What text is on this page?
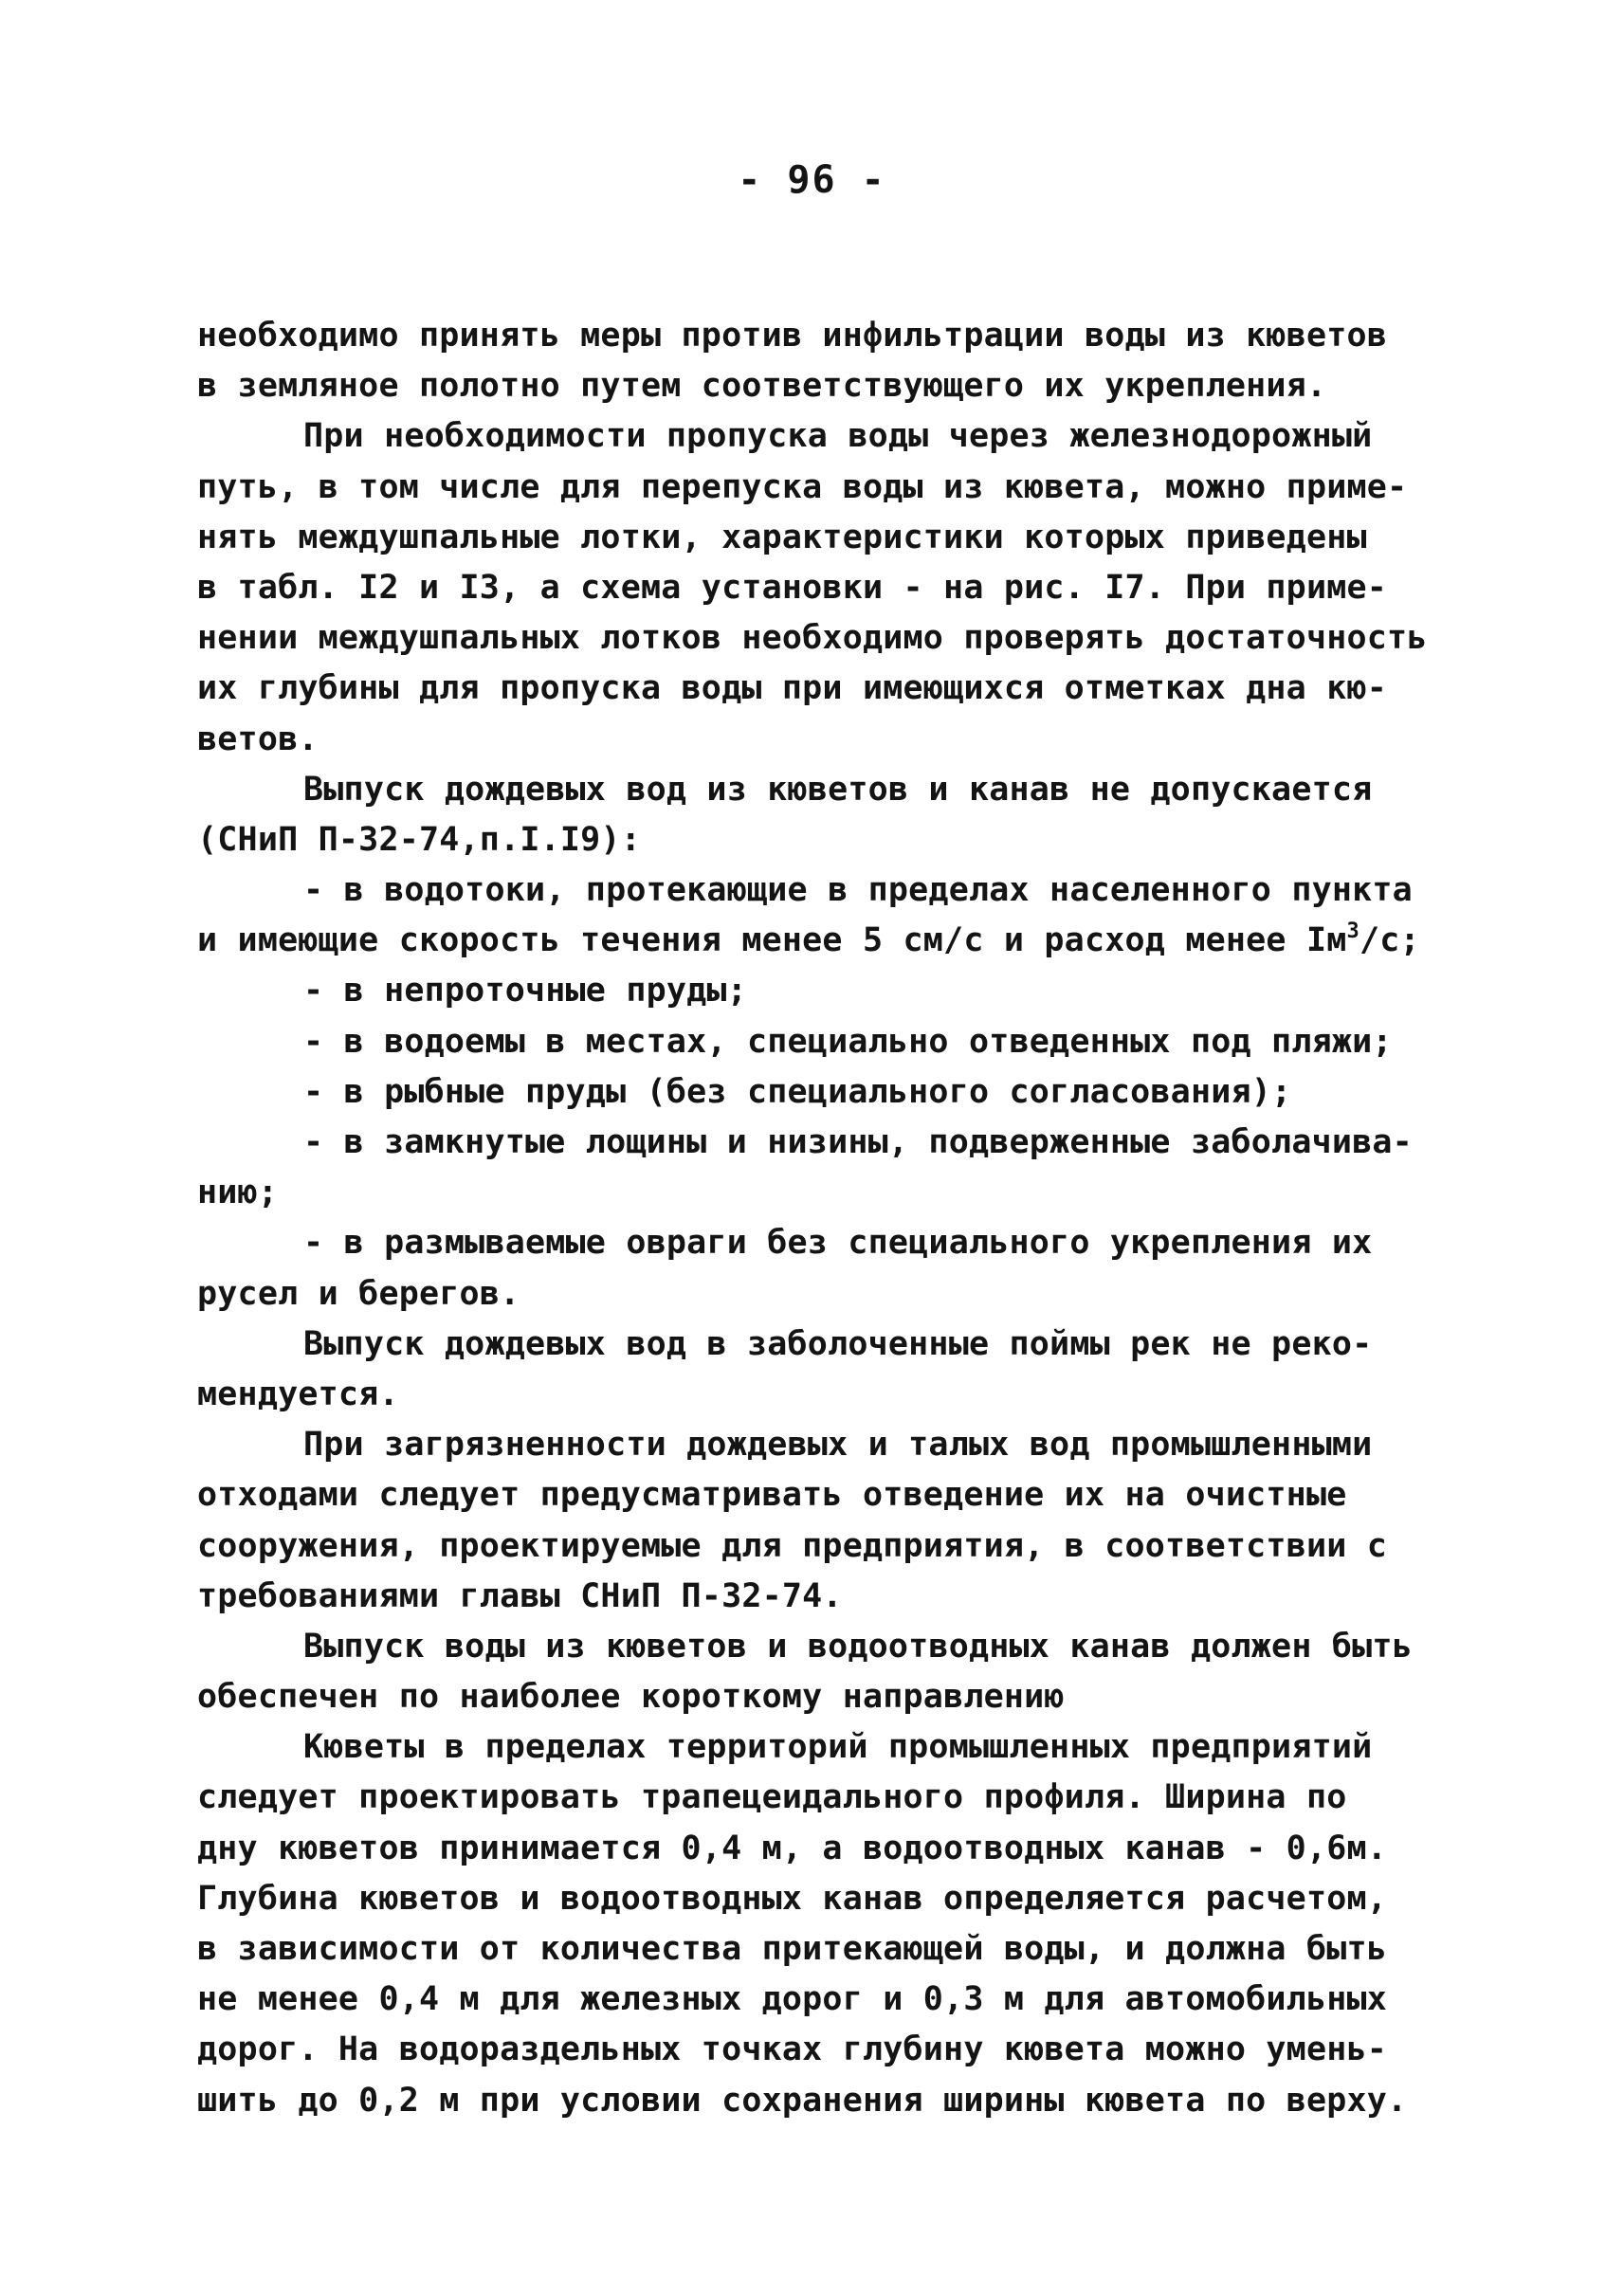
- 96 -
необходимо принять меры против инфильтрации воды из кюветов
в земляное полотно путем соответствующего их укрепления.
При необходимости пропуска воды через железнодорожный
путь, в том числе для перепуска воды из кювета, можно приме-
нять междушпальные лотки, характеристики которых приведены
в табл. I2 и I3, а схема установки - на рис. I7. При приме-
нении междушпальных лотков необходимо проверять достаточность
их глубины для пропуска воды при имеющихся отметках дна кю-
ветов.
Выпуск дождевых вод из кюветов и канав не допускается
(СНиП П-32-74,п.I.I9):
- в водотоки, протекающие в пределах населенного пункта
и имеющие скорость течения менее 5 см/с и расход менее $Iм^3/с$;
- в непроточные пруды;
- в водоемы в местах, специально отведенных под пляжи;
- в рыбные пруды (без специального согласования);
- в замкнутые лощины и низины, подверженные заболачива-
нию;
- в размываемые овраги без специального укрепления их
русел и берегов.
Выпуск дождевых вод в заболоченные поймы рек не реко-
мендуется.
При загрязненности дождевых и талых вод промышленными
отходами следует предусматривать отведение их на очистные
сооружения, проектируемые для предприятия, в соответствии с
требованиями главы СНиП П-32-74.
Выпуск воды из кюветов и водоотводных канав должен быть
обеспечен по наиболее короткому направлению
Кюветы в пределах территорий промышленных предприятий
следует проектировать трапецеидального профиля. Ширина по
дну кюветов принимается 0,4 м, а водоотводных канав - 0,6м.
Глубина кюветов и водоотводных канав определяется расчетом,
в зависимости от количества притекающей воды, и должна быть
не менее 0,4 м для железных дорог и 0,3 м для автомобильных
дорог. На водораздельных точках глубину кювета можно умень-
шить до 0,2 м при условии сохранения ширины кювета по верху.
